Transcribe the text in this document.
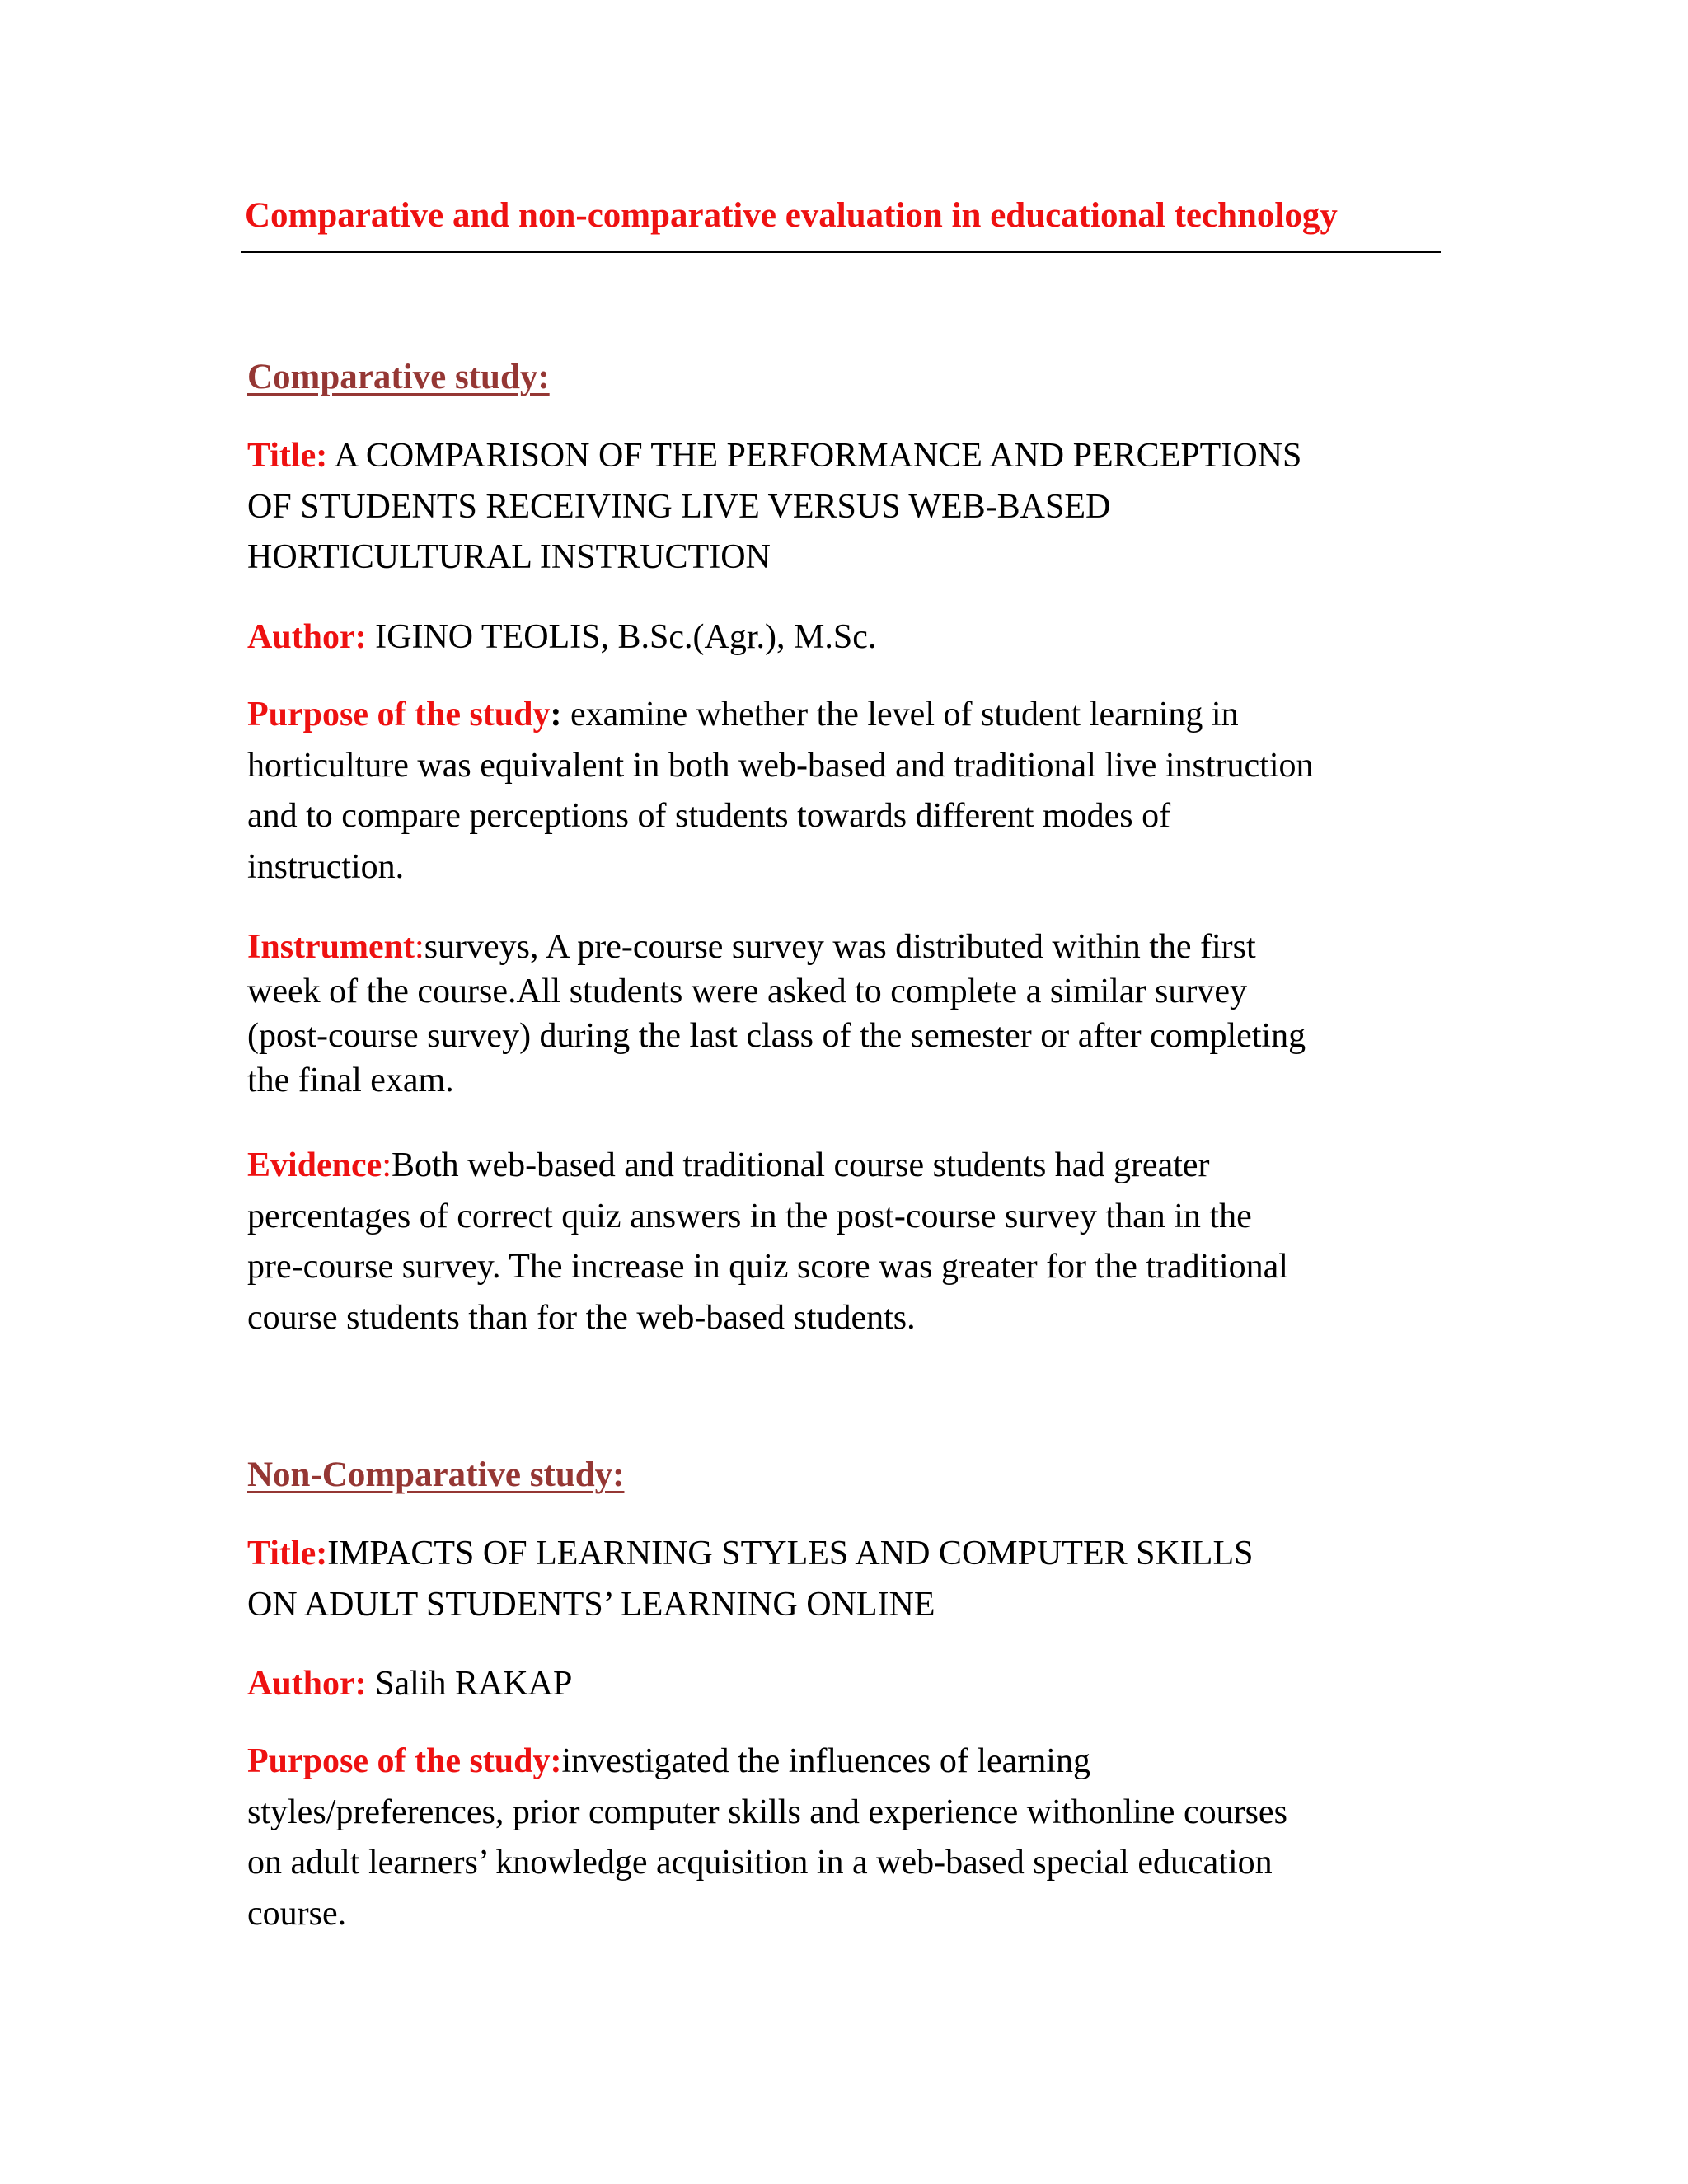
Comparative and non-comparative evaluation in educational technology
Comparative study:

Title: A COMPARISON OF THE PERFORMANCE AND PERCEPTIONS
OF STUDENTS RECEIVING LIVE VERSUS WEB-BASED
HORTICULTURAL INSTRUCTION

Author: IGINO TEOLIS, B.Sc.(Agr.), M.Sc.

Purpose of the study: examine whether the level of student learning in
horticulture was equivalent in both web-based and traditional live instruction
and to compare perceptions of students towards different modes of
instruction.

Instrument:surveys, A pre-course survey was distributed within the first
week of the course.All students were asked to complete a similar survey
(post-course survey) during the last class of the semester or after completing
the final exam.

Evidence:Both web-based and traditional course students had greater
percentages of correct quiz answers in the post-course survey than in the
pre-course survey. The increase in quiz score was greater for the traditional
course students than for the web-based students.

Non-Comparative study:

Title:IMPACTS OF LEARNING STYLES AND COMPUTER SKILLS
ON ADULT STUDENTS’ LEARNING ONLINE

Author: Salih RAKAP

Purpose of the study:investigated the influences of learning
styles/preferences, prior computer skills and experience withonline courses
on adult learners’ knowledge acquisition in a web-based special education
course.
